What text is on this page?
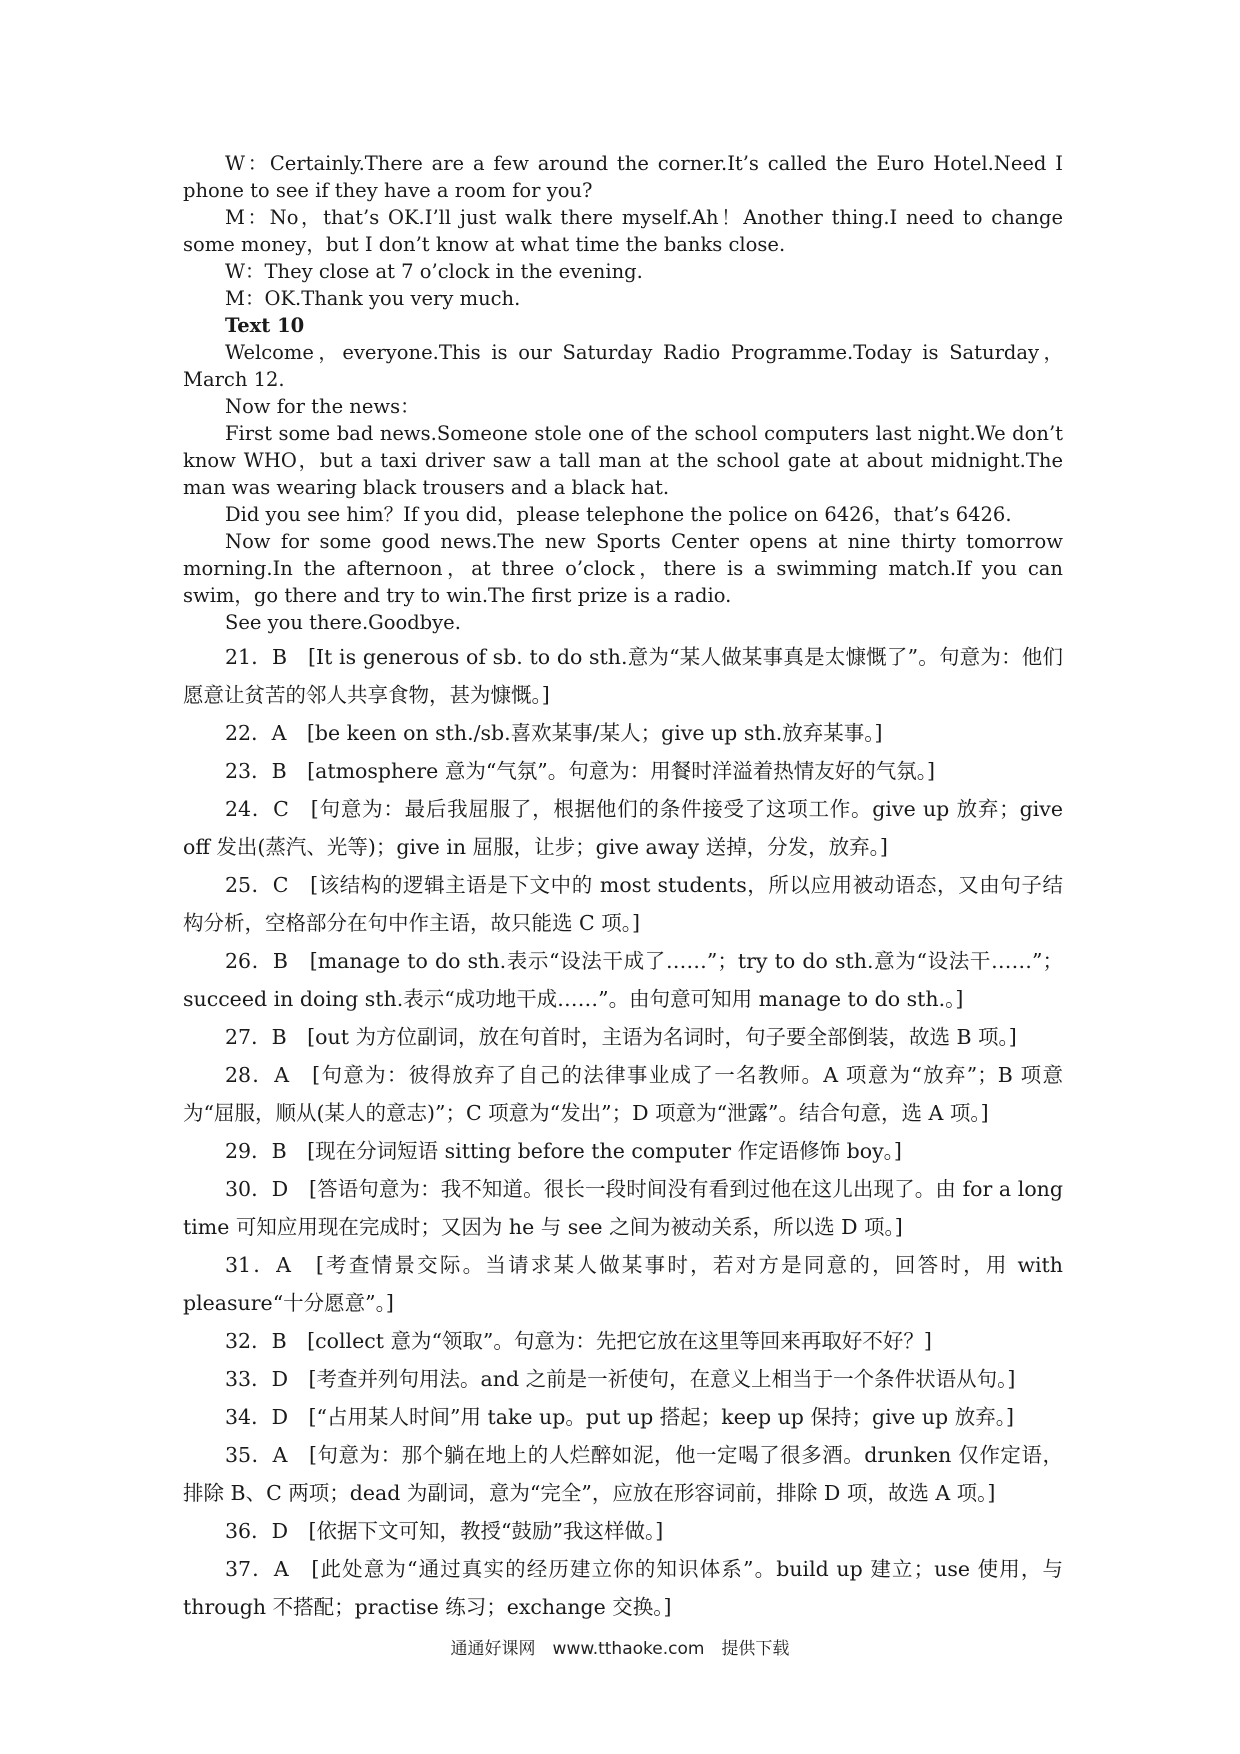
W：Certainly.There are a few around the corner.It’s called the Euro Hotel.Need I phone to see if they have a room for you?

M：No，that’s OK.I’ll just walk there myself.Ah！Another thing.I need to change some money，but I don’t know at what time the banks close.

W：They close at 7 o’clock in the evening.

M：OK.Thank you very much.

Text 10

Welcome，everyone.This is our Saturday Radio Programme.Today is Saturday，March 12.

Now for the news：

First some bad news.Someone stole one of the school computers last night.We don’t know WHO，but a taxi driver saw a tall man at the school gate at about midnight.The man was wearing black trousers and a black hat.

Did you see him？If you did，please telephone the police on 6426，that’s 6426.

Now for some good news.The new Sports Center opens at nine thirty tomorrow morning.In the afternoon，at three o’clock，there is a swimming match.If you can swim，go there and try to win.The first prize is a radio.

See you there.Goodbye.

21．B　[It is generous of sb. to do sth.意为“某人做某事真是太慷慨了”。句意为：他们愿意让贫苦的邻人共享食物，甚为慷慨。]

22．A　[be keen on sth./sb.喜欢某事/某人；give up sth.放弃某事。]

23．B　[atmosphere 意为“气氛”。句意为：用餐时洋溢着热情友好的气氛。]

24．C　[句意为：最后我屈服了，根据他们的条件接受了这项工作。give up 放弃；give off 发出(蒸汽、光等)；give in 屈服，让步；give away 送掉，分发，放弃。]

25．C　[该结构的逻辑主语是下文中的 most students，所以应用被动语态，又由句子结构分析，空格部分在句中作主语，故只能选 C 项。]

26．B　[manage to do sth.表示“设法干成了……”；try to do sth.意为“设法干……”；succeed in doing sth.表示“成功地干成……”。由句意可知用 manage to do sth.。]

27．B　[out 为方位副词，放在句首时，主语为名词时，句子要全部倒装，故选 B 项。]

28．A　[句意为：彼得放弃了自己的法律事业成了一名教师。A 项意为“放弃”；B 项意为“屈服，顺从(某人的意志)”；C 项意为“发出”；D 项意为“泄露”。结合句意，选 A 项。]

29．B　[现在分词短语 sitting before the computer 作定语修饰 boy。]

30．D　[答语句意为：我不知道。很长一段时间没有看到过他在这儿出现了。由 for a long time 可知应用现在完成时；又因为 he 与 see 之间为被动关系，所以选 D 项。]

31．A　[考查情景交际。当请求某人做某事时，若对方是同意的，回答时，用 with pleasure“十分愿意”。]

32．B　[collect 意为“领取”。句意为：先把它放在这里等回来再取好不好？]

33．D　[考查并列句用法。and 之前是一祈使句，在意义上相当于一个条件状语从句。]

34．D　[“占用某人时间”用 take up。put up 搭起；keep up 保持；give up 放弃。]

35．A　[句意为：那个躺在地上的人烂醉如泥，他一定喝了很多酒。drunken 仅作定语，排除 B、C 两项；dead 为副词，意为“完全”，应放在形容词前，排除 D 项，故选 A 项。]

36．D　[依据下文可知，教授“鼓励”我这样做。]

37．A　[此处意为“通过真实的经历建立你的知识体系”。build up 建立；use 使用，与 through 不搭配；practise 练习；exchange 交换。]

通通好课网　www.tthaoke.com　提供下载
